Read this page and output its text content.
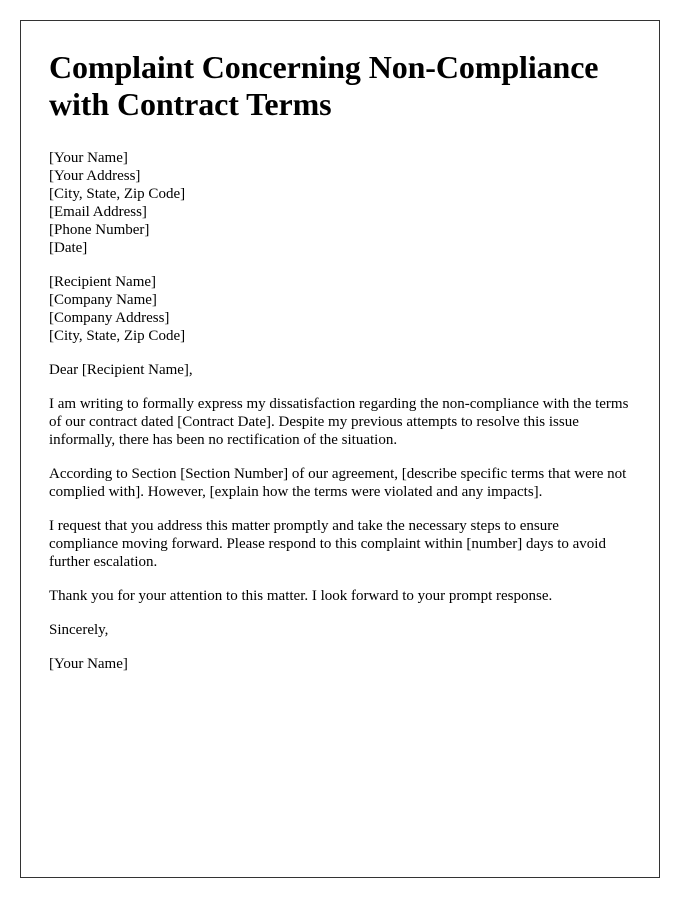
Complaint Concerning Non-Compliance with Contract Terms
[Your Name]
[Your Address]
[City, State, Zip Code]
[Email Address]
[Phone Number]
[Date]
[Recipient Name]
[Company Name]
[Company Address]
[City, State, Zip Code]

Dear [Recipient Name],

I am writing to formally express my dissatisfaction regarding the non-compliance with the terms of our contract dated [Contract Date]. Despite my previous attempts to resolve this issue informally, there has been no rectification of the situation.

According to Section [Section Number] of our agreement, [describe specific terms that were not complied with]. However, [explain how the terms were violated and any impacts].

I request that you address this matter promptly and take the necessary steps to ensure compliance moving forward. Please respond to this complaint within [number] days to avoid further escalation.

Thank you for your attention to this matter. I look forward to your prompt response.

Sincerely,

[Your Name]
